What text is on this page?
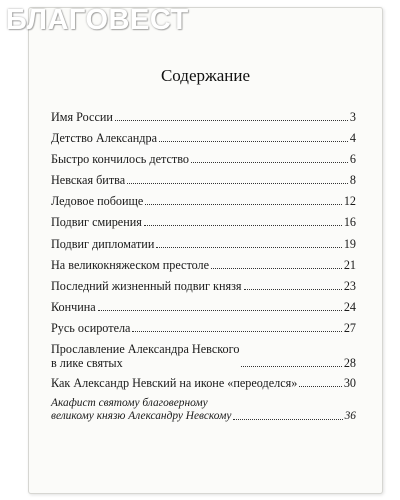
БЛАГОВЕСТ
Содержание
Имя России	3
Детство Александра	4
Быстро кончилось детство	6
Невская битва	8
Ледовое побоище	12
Подвиг смирения	16
Подвиг дипломатии	19
На великокняжеском престоле	21
Последний жизненный подвиг князя	23
Кончина	24
Русь осиротела	27
Прославление Александра Невского
в лике святых	28
Как Александр Невский на иконе «переоделся»	30
Акафист святому благоверному
великому князю Александру Невскому	36
